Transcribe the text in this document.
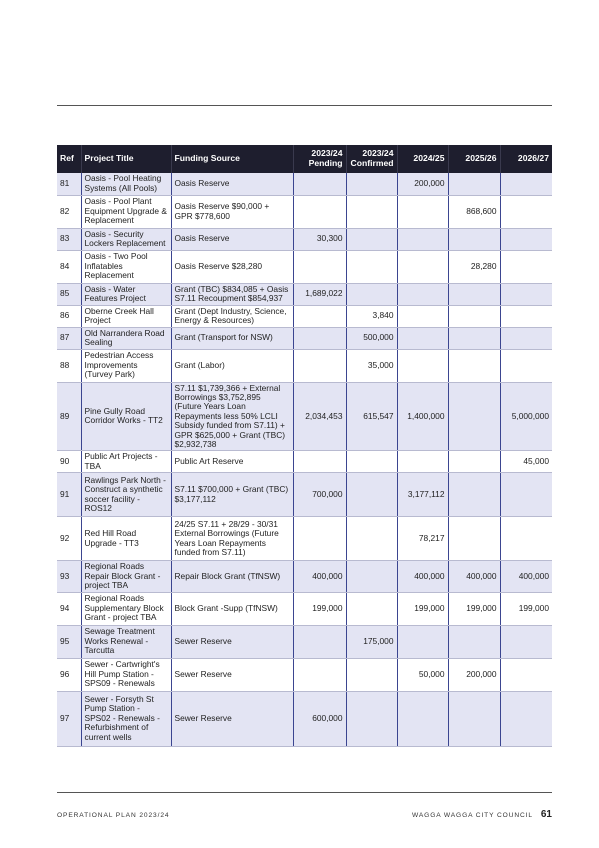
Ref	Project Title	Funding Source	2023/24 Pending	2023/24 Confirmed	2024/25	2025/26	2026/27
81	Oasis - Pool Heating Systems (All Pools)	Oasis Reserve			200,000		
82	Oasis - Pool Plant Equipment Upgrade & Replacement	Oasis Reserve $90,000 + GPR $778,600				868,600	
83	Oasis - Security Lockers Replacement	Oasis Reserve	30,300				
84	Oasis - Two Pool Inflatables Replacement	Oasis Reserve $28,280				28,280	
85	Oasis - Water Features Project	Grant (TBC) $834,085 + Oasis S7.11 Recoupment $854,937	1,689,022				
86	Oberne Creek Hall Project	Grant (Dept Industry, Science, Energy & Resources)		3,840			
87	Old Narrandera Road Sealing	Grant (Transport for NSW)		500,000			
88	Pedestrian Access Improvements (Turvey Park)	Grant (Labor)		35,000			
89	Pine Gully Road Corridor Works - TT2	S7.11 $1,739,366 + External Borrowings $3,752,895 (Future Years Loan Repayments less 50% LCLI Subsidy funded from S7.11) + GPR $625,000 + Grant (TBC) $2,932,738	2,034,453	615,547	1,400,000		5,000,000
90	Public Art Projects - TBA	Public Art Reserve					45,000
91	Rawlings Park North - Construct a synthetic soccer facility - ROS12	S7.11 $700,000 + Grant (TBC) $3,177,112	700,000		3,177,112		
92	Red Hill Road Upgrade - TT3	24/25 S7.11 + 28/29 - 30/31 External Borrowings (Future Years Loan Repayments funded from S7.11)			78,217		
93	Regional Roads Repair Block Grant - project TBA	Repair Block Grant (TfNSW)	400,000		400,000	400,000	400,000
94	Regional Roads Supplementary Block Grant - project TBA	Block Grant -Supp (TfNSW)	199,000		199,000	199,000	199,000
95	Sewage Treatment Works Renewal - Tarcutta	Sewer Reserve		175,000			
96	Sewer - Cartwright's Hill Pump Station - SPS09 - Renewals	Sewer Reserve			50,000	200,000	
97	Sewer - Forsyth St Pump Station - SPS02 - Renewals - Refurbishment of current wells	Sewer Reserve	600,000				
OPERATIONAL PLAN 2023/24	WAGGA WAGGA CITY COUNCIL 61
